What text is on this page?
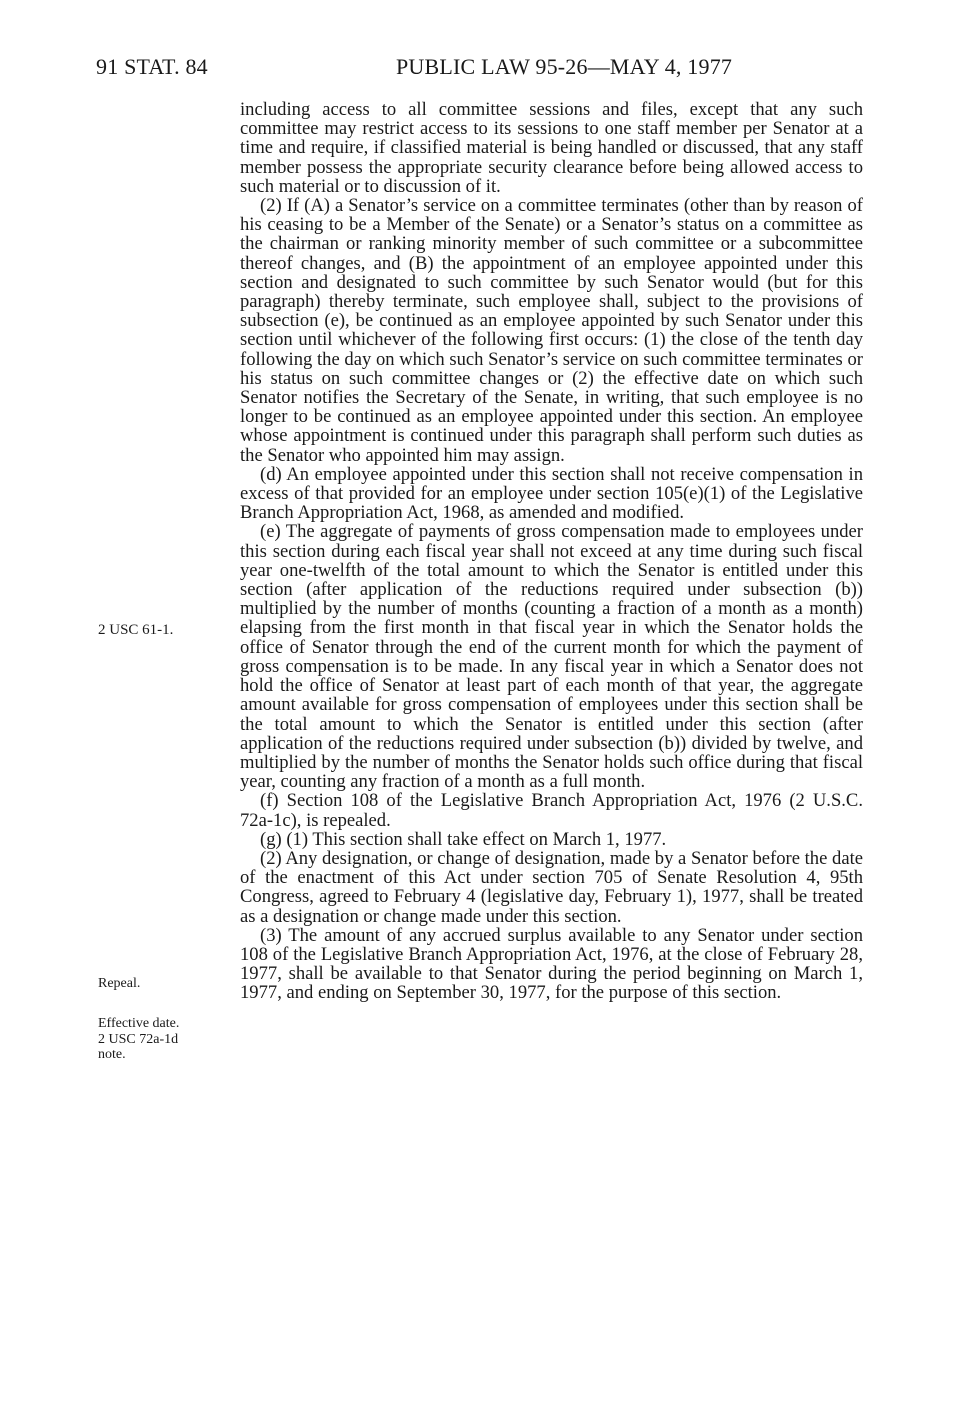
91 STAT. 84	PUBLIC LAW 95-26—MAY 4, 1977
2 USC 61-1.
Repeal.
Effective date.
2 USC 72a-1d
note.

including access to all committee sessions and files, except that any such committee may restrict access to its sessions to one staff member per Senator at a time and require, if classified material is being handled or discussed, that any staff member possess the appropriate security clearance before being allowed access to such material or to discussion of it.

(2) If (A) a Senator’s service on a committee terminates (other than by reason of his ceasing to be a Member of the Senate) or a Senator’s status on a committee as the chairman or ranking minority member of such committee or a subcommittee thereof changes, and (B) the appointment of an employee appointed under this section and designated to such committee by such Senator would (but for this paragraph) thereby terminate, such employee shall, subject to the provisions of subsection (e), be continued as an employee appointed by such Senator under this section until whichever of the following first occurs: (1) the close of the tenth day following the day on which such Senator’s service on such committee terminates or his status on such committee changes or (2) the effective date on which such Senator notifies the Secretary of the Senate, in writing, that such employee is no longer to be continued as an employee appointed under this section. An employee whose appointment is continued under this paragraph shall perform such duties as the Senator who appointed him may assign.

(d) An employee appointed under this section shall not receive compensation in excess of that provided for an employee under section 105(e)(1) of the Legislative Branch Appropriation Act, 1968, as amended and modified.

(e) The aggregate of payments of gross compensation made to employees under this section during each fiscal year shall not exceed at any time during such fiscal year one-twelfth of the total amount to which the Senator is entitled under this section (after application of the reductions required under subsection (b)) multiplied by the number of months (counting a fraction of a month as a month) elapsing from the first month in that fiscal year in which the Senator holds the office of Senator through the end of the current month for which the payment of gross compensation is to be made. In any fiscal year in which a Senator does not hold the office of Senator at least part of each month of that year, the aggregate amount available for gross compensation of employees under this section shall be the total amount to which the Senator is entitled under this section (after application of the reductions required under subsection (b)) divided by twelve, and multiplied by the number of months the Senator holds such office during that fiscal year, counting any fraction of a month as a full month.

(f) Section 108 of the Legislative Branch Appropriation Act, 1976 (2 U.S.C. 72a-1c), is repealed.

(g) (1) This section shall take effect on March 1, 1977.

(2) Any designation, or change of designation, made by a Senator before the date of the enactment of this Act under section 705 of Senate Resolution 4, 95th Congress, agreed to February 4 (legislative day, February 1), 1977, shall be treated as a designation or change made under this section.

(3) The amount of any accrued surplus available to any Senator under section 108 of the Legislative Branch Appropriation Act, 1976, at the close of February 28, 1977, shall be available to that Senator during the period beginning on March 1, 1977, and ending on September 30, 1977, for the purpose of this section.
